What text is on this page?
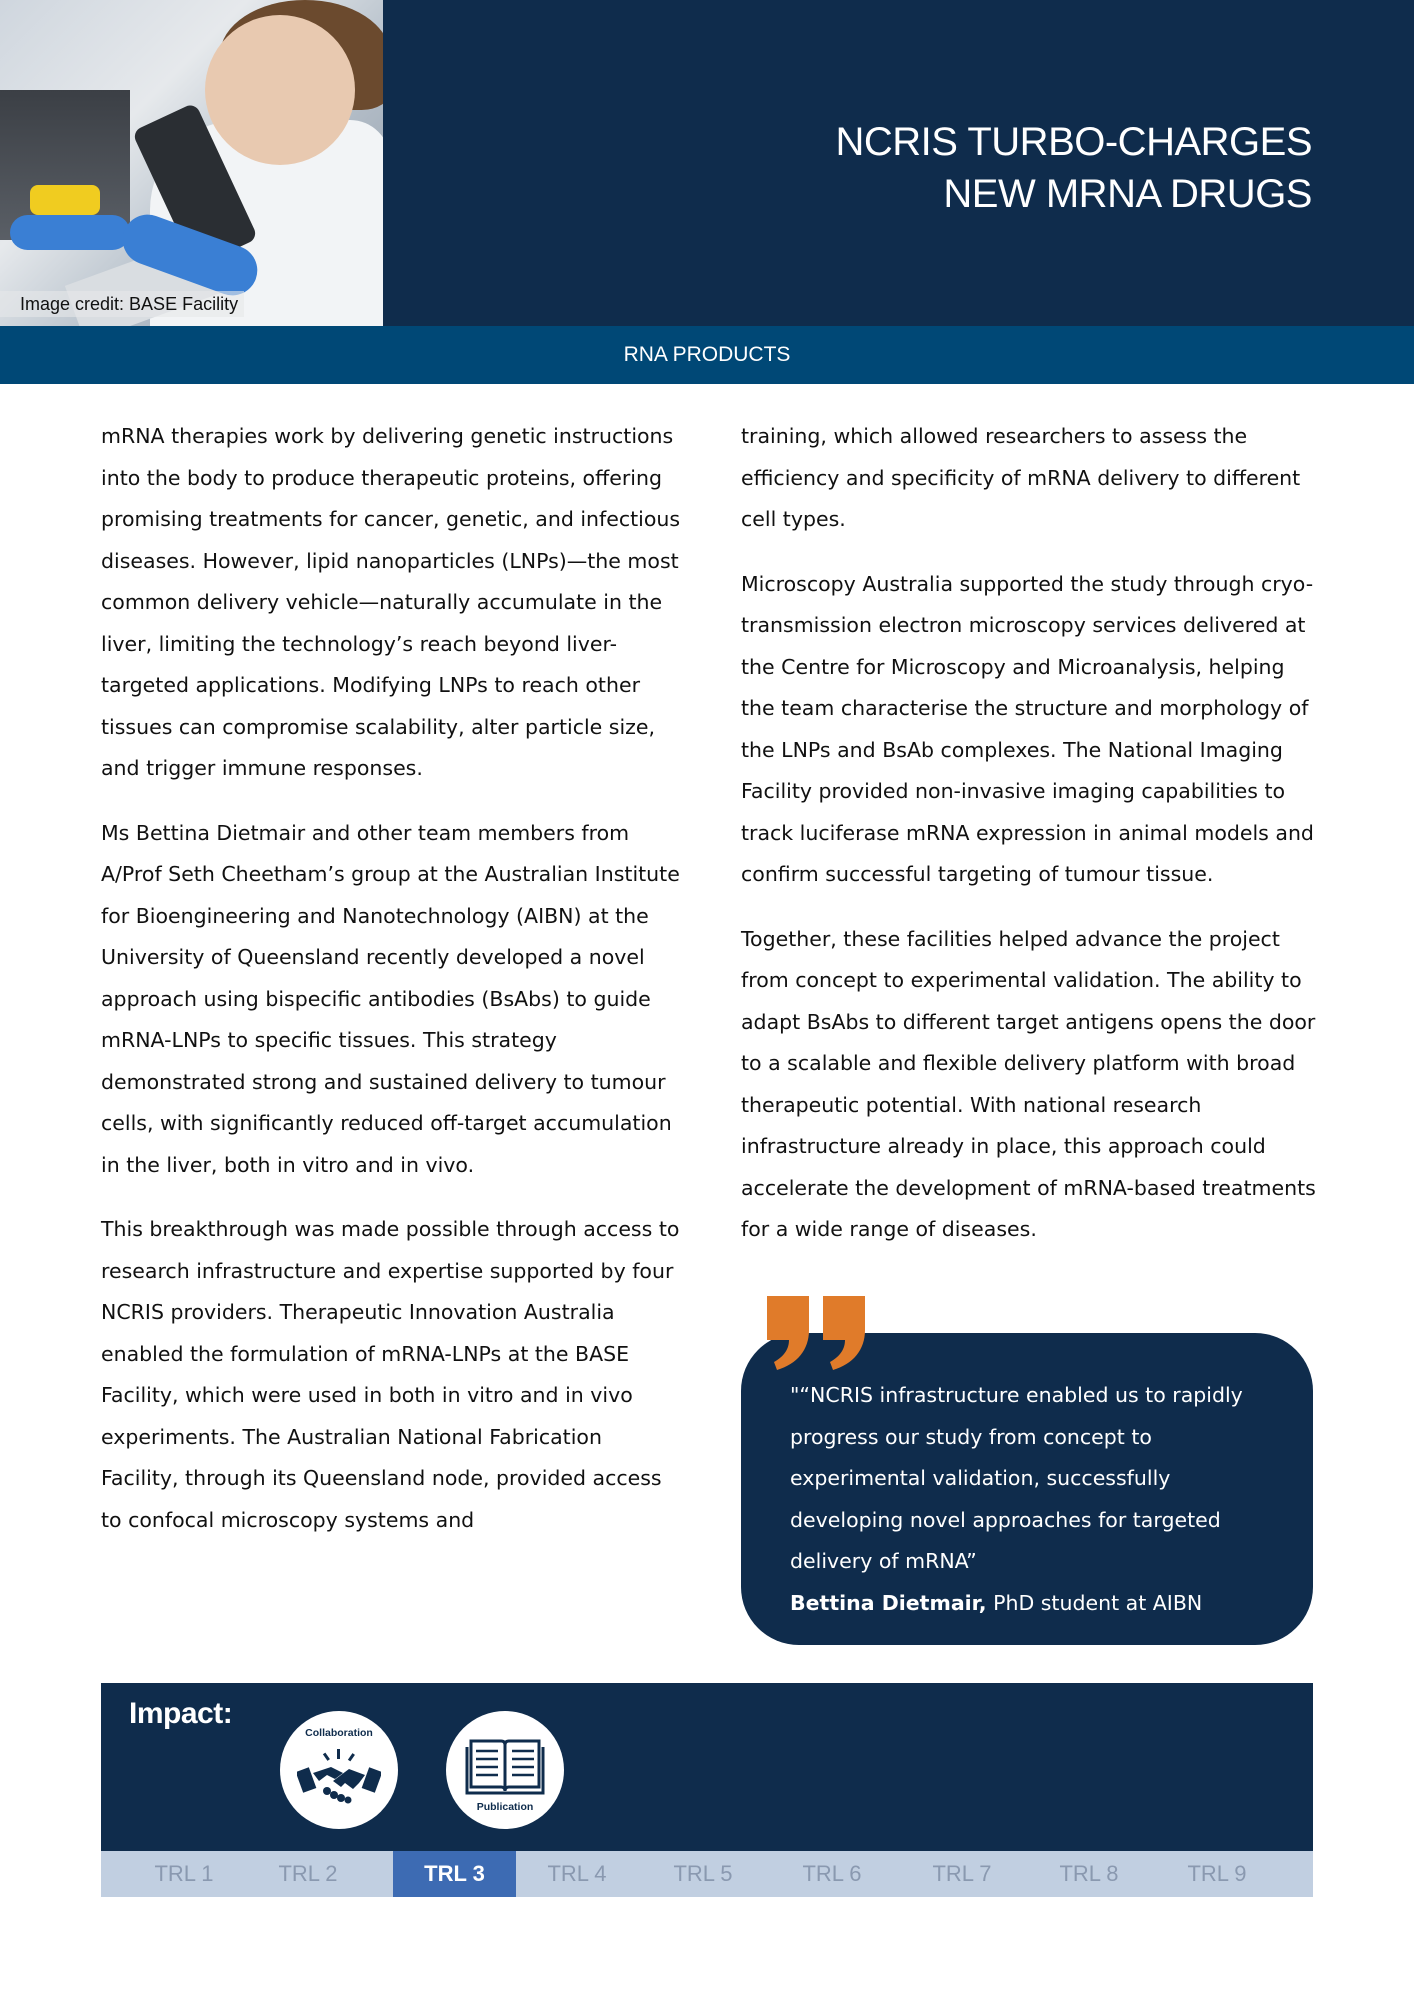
Image credit: BASE Facility
NCRIS TURBO-CHARGES
NEW MRNA DRUGS
RNA PRODUCTS

mRNA therapies work by delivering genetic instructions into the body to produce therapeutic proteins, offering promising treatments for cancer, genetic, and infectious diseases. However, lipid nanoparticles (LNPs)—the most common delivery vehicle—naturally accumulate in the liver, limiting the technology’s reach beyond liver-targeted applications. Modifying LNPs to reach other tissues can compromise scalability, alter particle size, and trigger immune responses.

Ms Bettina Dietmair and other team members from A/Prof Seth Cheetham’s group at the Australian Institute for Bioengineering and Nanotechnology (AIBN) at the University of Queensland recently developed a novel approach using bispecific antibodies (BsAbs) to guide mRNA-LNPs to specific tissues. This strategy demonstrated strong and sustained delivery to tumour cells, with significantly reduced off-target accumulation in the liver, both in vitro and in vivo.

This breakthrough was made possible through access to research infrastructure and expertise supported by four NCRIS providers. Therapeutic Innovation Australia enabled the formulation of mRNA-LNPs at the BASE Facility, which were used in both in vitro and in vivo experiments. The Australian National Fabrication Facility, through its Queensland node, provided access to confocal microscopy systems and

training, which allowed researchers to assess the efficiency and specificity of mRNA delivery to different cell types.

Microscopy Australia supported the study through cryo-transmission electron microscopy services delivered at the Centre for Microscopy and Microanalysis, helping the team characterise the structure and morphology of the LNPs and BsAb complexes. The National Imaging Facility provided non-invasive imaging capabilities to track luciferase mRNA expression in animal models and confirm successful targeting of tumour tissue.

Together, these facilities helped advance the project from concept to experimental validation. The ability to adapt BsAbs to different target antigens opens the door to a scalable and flexible delivery platform with broad therapeutic potential. With national research infrastructure already in place, this approach could accelerate the development of mRNA-based treatments for a wide range of diseases.

"“NCRIS infrastructure enabled us to rapidly progress our study from concept to experimental validation, successfully developing novel approaches for targeted delivery of mRNA”

Bettina Dietmair, PhD student at AIBN

Impact:
Collaboration
Publication
TRL 1	TRL 2	TRL 3	TRL 4	TRL 5	TRL 6	TRL 7	TRL 8	TRL 9
